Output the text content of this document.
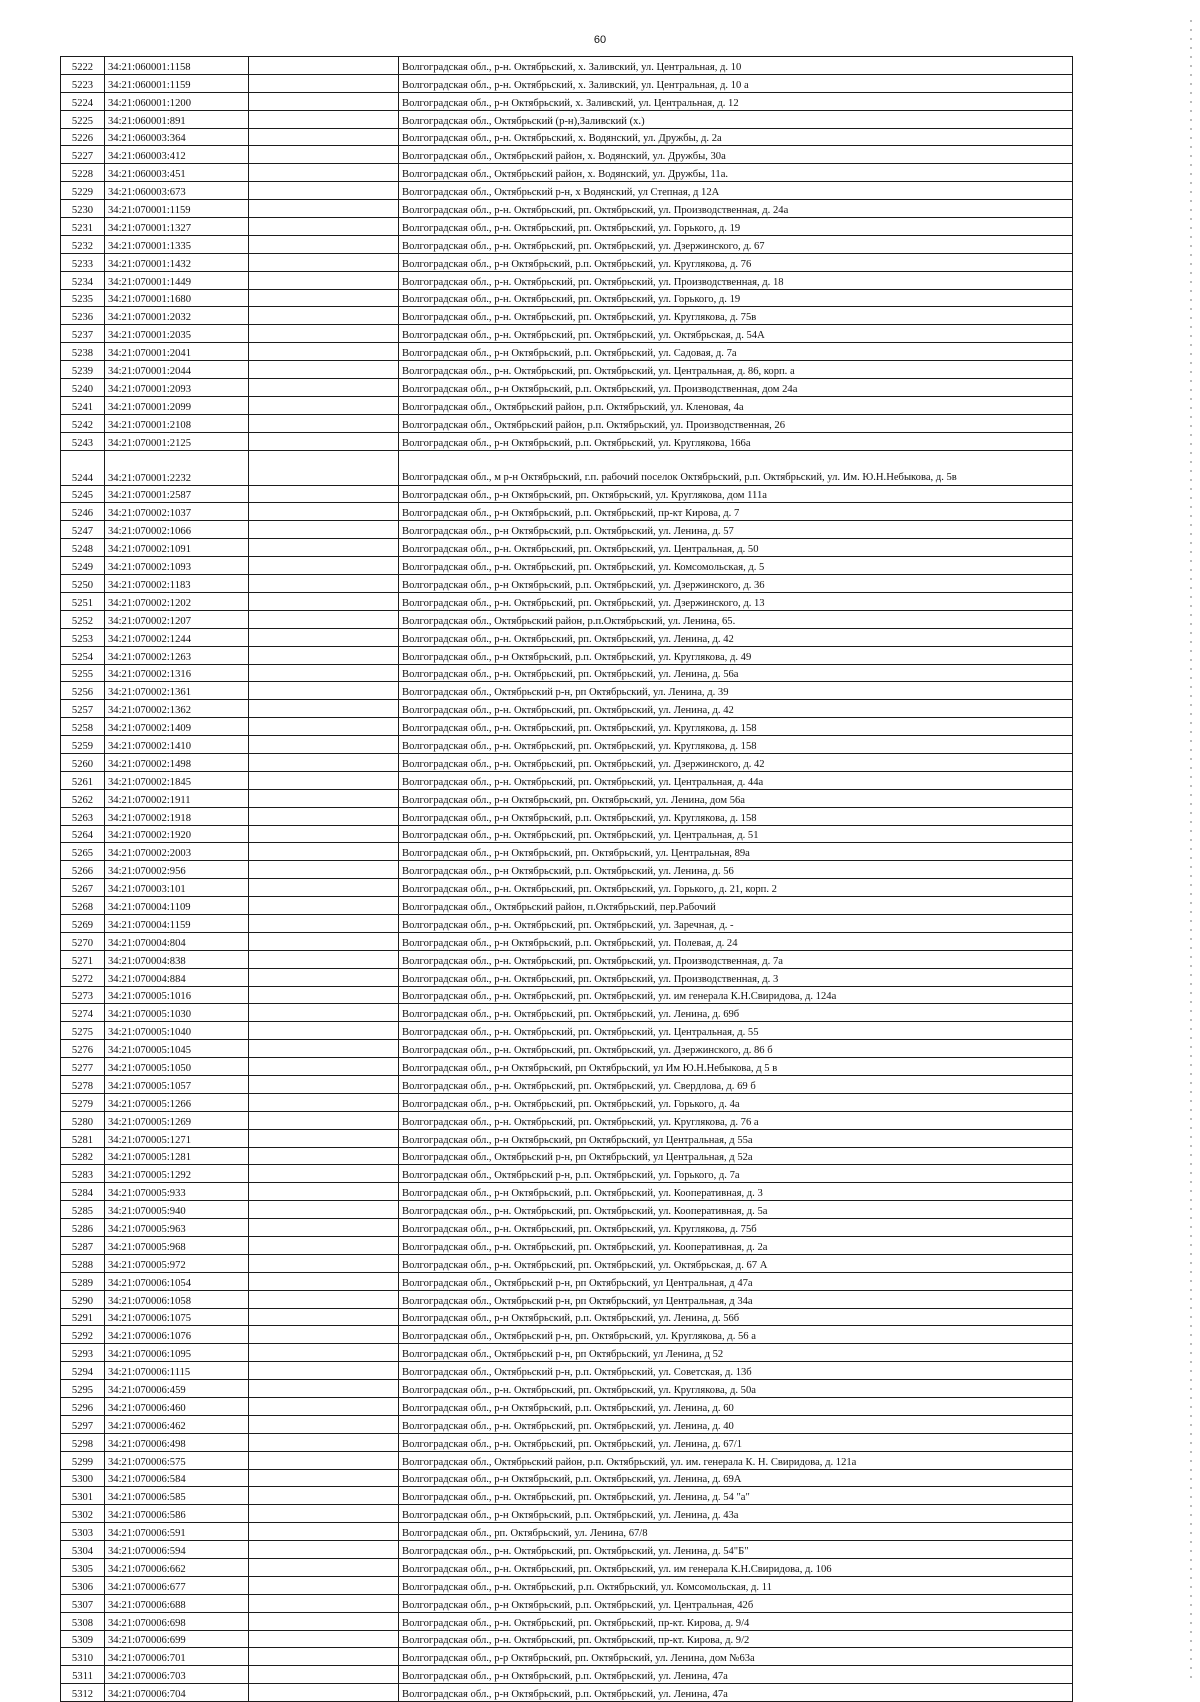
60
5222	34:21:060001:1158		Волгоградская обл., р-н. Октябрьский, х. Заливский, ул. Центральная, д. 10
5223	34:21:060001:1159		Волгоградская обл., р-н. Октябрьский, х. Заливский, ул. Центральная, д. 10 а
5224	34:21:060001:1200		Волгоградская обл., р-н Октябрьский, х. Заливский, ул. Центральная, д. 12
5225	34:21:060001:891		Волгоградская обл., Октябрьский (р-н),Заливский (х.)
5226	34:21:060003:364		Волгоградская обл., р-н. Октябрьский, х. Водянский, ул. Дружбы, д. 2а
5227	34:21:060003:412		Волгоградская обл., Октябрьский район, х. Водянский, ул. Дружбы, 30а
5228	34:21:060003:451		Волгоградская обл., Октябрьский район, х. Водянский, ул. Дружбы, 11а.
5229	34:21:060003:673		Волгоградская обл., Октябрьский р-н, х Водянский, ул Степная, д 12А
5230	34:21:070001:1159		Волгоградская обл., р-н. Октябрьский, рп. Октябрьский, ул. Производственная, д. 24а
5231	34:21:070001:1327		Волгоградская обл., р-н. Октябрьский, рп. Октябрьский, ул. Горького, д. 19
5232	34:21:070001:1335		Волгоградская обл., р-н. Октябрьский, рп. Октябрьский, ул. Дзержинского, д. 67
5233	34:21:070001:1432		Волгоградская обл., р-н Октябрьский, р.п. Октябрьский, ул. Круглякова, д. 76
5234	34:21:070001:1449		Волгоградская обл., р-н. Октябрьский, рп. Октябрьский, ул. Производственная, д. 18
5235	34:21:070001:1680		Волгоградская обл., р-н. Октябрьский, рп. Октябрьский, ул. Горького, д. 19
5236	34:21:070001:2032		Волгоградская обл., р-н. Октябрьский, рп. Октябрьский, ул. Круглякова, д. 75в
5237	34:21:070001:2035		Волгоградская обл., р-н. Октябрьский, рп. Октябрьский, ул. Октябрьская, д. 54А
5238	34:21:070001:2041		Волгоградская обл., р-н Октябрьский, р.п. Октябрьский, ул. Садовая, д. 7а
5239	34:21:070001:2044		Волгоградская обл., р-н. Октябрьский, рп. Октябрьский, ул. Центральная, д. 86, корп. а
5240	34:21:070001:2093		Волгоградская обл., р-н Октябрьский, р.п. Октябрьский, ул. Производственная, дом 24а
5241	34:21:070001:2099		Волгоградская обл., Октябрьский район, р.п. Октябрьский, ул. Кленовая, 4а
5242	34:21:070001:2108		Волгоградская обл., Октябрьский район, р.п. Октябрьский, ул. Производственная, 26
5243	34:21:070001:2125		Волгоградская обл., р-н Октябрьский, р.п. Октябрьский, ул. Круглякова, 166а
5244	34:21:070001:2232		Волгоградская обл., м р-н Октябрьский, г.п. рабочий поселок Октябрьский, р.п. Октябрьский, ул. Им. Ю.Н.Небыкова, д. 5в
5245	34:21:070001:2587		Волгоградская обл., р-н Октябрьский, рп. Октябрьский, ул. Круглякова, дом 111а
5246	34:21:070002:1037		Волгоградская обл., р-н Октябрьский, р.п. Октябрьский, пр-кт Кирова, д. 7
5247	34:21:070002:1066		Волгоградская обл., р-н Октябрьский, р.п. Октябрьский, ул. Ленина, д. 57
5248	34:21:070002:1091		Волгоградская обл., р-н. Октябрьский, рп. Октябрьский, ул. Центральная, д. 50
5249	34:21:070002:1093		Волгоградская обл., р-н. Октябрьский, рп. Октябрьский, ул. Комсомольская, д. 5
5250	34:21:070002:1183		Волгоградская обл., р-н Октябрьский, р.п. Октябрьский, ул. Дзержинского, д. 36
5251	34:21:070002:1202		Волгоградская обл., р-н. Октябрьский, рп. Октябрьский, ул. Дзержинского, д. 13
5252	34:21:070002:1207		Волгоградская обл., Октябрьский район, р.п.Октябрьский, ул. Ленина, 65.
5253	34:21:070002:1244		Волгоградская обл., р-н. Октябрьский, рп. Октябрьский, ул. Ленина, д. 42
5254	34:21:070002:1263		Волгоградская обл., р-н Октябрьский, р.п. Октябрьский, ул. Круглякова, д. 49
5255	34:21:070002:1316		Волгоградская обл., р-н. Октябрьский, рп. Октябрьский, ул. Ленина, д. 56а
5256	34:21:070002:1361		Волгоградская обл., Октябрьский р-н, рп Октябрьский, ул. Ленина, д. 39
5257	34:21:070002:1362		Волгоградская обл., р-н. Октябрьский, рп. Октябрьский, ул. Ленина, д. 42
5258	34:21:070002:1409		Волгоградская обл., р-н. Октябрьский, рп. Октябрьский, ул. Круглякова, д. 158
5259	34:21:070002:1410		Волгоградская обл., р-н. Октябрьский, рп. Октябрьский, ул. Круглякова, д. 158
5260	34:21:070002:1498		Волгоградская обл., р-н. Октябрьский, рп. Октябрьский, ул. Дзержинского, д. 42
5261	34:21:070002:1845		Волгоградская обл., р-н. Октябрьский, рп. Октябрьский, ул. Центральная, д. 44а
5262	34:21:070002:1911		Волгоградская обл., р-н Октябрьский, рп. Октябрьский, ул. Ленина, дом 56а
5263	34:21:070002:1918		Волгоградская обл., р-н Октябрьский, р.п. Октябрьский, ул. Круглякова, д. 158
5264	34:21:070002:1920		Волгоградская обл., р-н. Октябрьский, рп. Октябрьский, ул. Центральная, д. 51
5265	34:21:070002:2003		Волгоградская обл., р-н Октябрьский, рп. Октябрьский, ул. Центральная, 89а
5266	34:21:070002:956		Волгоградская обл., р-н Октябрьский, р.п. Октябрьский, ул. Ленина, д. 56
5267	34:21:070003:101		Волгоградская обл., р-н. Октябрьский, рп. Октябрьский, ул. Горького, д. 21, корп. 2
5268	34:21:070004:1109		Волгоградская обл., Октябрьский район, п.Октябрьский, пер.Рабочий
5269	34:21:070004:1159		Волгоградская обл., р-н. Октябрьский, рп. Октябрьский, ул. Заречная, д. -
5270	34:21:070004:804		Волгоградская обл., р-н Октябрьский, р.п. Октябрьский, ул. Полевая, д. 24
5271	34:21:070004:838		Волгоградская обл., р-н. Октябрьский, рп. Октябрьский, ул. Производственная, д. 7а
5272	34:21:070004:884		Волгоградская обл., р-н. Октябрьский, рп. Октябрьский, ул. Производственная, д. 3
5273	34:21:070005:1016		Волгоградская обл., р-н. Октябрьский, рп. Октябрьский, ул. им генерала К.Н.Свиридова, д. 124а
5274	34:21:070005:1030		Волгоградская обл., р-н. Октябрьский, рп. Октябрьский, ул. Ленина, д. 69б
5275	34:21:070005:1040		Волгоградская обл., р-н. Октябрьский, рп. Октябрьский, ул. Центральная, д. 55
5276	34:21:070005:1045		Волгоградская обл., р-н. Октябрьский, рп. Октябрьский, ул. Дзержинского, д. 86 б
5277	34:21:070005:1050		Волгоградская обл., р-н Октябрьский, рп Октябрьский, ул Им Ю.Н.Небыкова, д 5 в
5278	34:21:070005:1057		Волгоградская обл., р-н. Октябрьский, рп. Октябрьский, ул. Свердлова, д. 69 б
5279	34:21:070005:1266		Волгоградская обл., р-н. Октябрьский, рп. Октябрьский, ул. Горького, д. 4а
5280	34:21:070005:1269		Волгоградская обл., р-н. Октябрьский, рп. Октябрьский, ул. Круглякова, д. 76 а
5281	34:21:070005:1271		Волгоградская обл., р-н Октябрьский, рп Октябрьский, ул Центральная, д 55а
5282	34:21:070005:1281		Волгоградская обл., Октябрьский р-н, рп Октябрьский, ул Центральная, д 52а
5283	34:21:070005:1292		Волгоградская обл., Октябрьский р-н, р.п. Октябрьский, ул. Горького, д. 7а
5284	34:21:070005:933		Волгоградская обл., р-н Октябрьский, р.п. Октябрьский, ул. Кооперативная, д. 3
5285	34:21:070005:940		Волгоградская обл., р-н. Октябрьский, рп. Октябрьский, ул. Кооперативная, д. 5а
5286	34:21:070005:963		Волгоградская обл., р-н. Октябрьский, рп. Октябрьский, ул. Круглякова, д. 75б
5287	34:21:070005:968		Волгоградская обл., р-н. Октябрьский, рп. Октябрьский, ул. Кооперативная, д. 2а
5288	34:21:070005:972		Волгоградская обл., р-н. Октябрьский, рп. Октябрьский, ул. Октябрьская, д. 67 А
5289	34:21:070006:1054		Волгоградская обл., Октябрьский р-н, рп Октябрьский, ул Центральная, д 47а
5290	34:21:070006:1058		Волгоградская обл., Октябрьский р-н, рп Октябрьский, ул Центральная, д 34а
5291	34:21:070006:1075		Волгоградская обл., р-н Октябрьский, р.п. Октябрьский, ул. Ленина, д. 56б
5292	34:21:070006:1076		Волгоградская обл., Октябрьский р-н, рп. Октябрьский, ул. Круглякова, д. 56 а
5293	34:21:070006:1095		Волгоградская обл., Октябрьский р-н, рп Октябрьский, ул Ленина, д 52
5294	34:21:070006:1115		Волгоградская обл., Октябрьский р-н, р.п. Октябрьский, ул. Советская, д. 13б
5295	34:21:070006:459		Волгоградская обл., р-н. Октябрьский, рп. Октябрьский, ул. Круглякова, д. 50а
5296	34:21:070006:460		Волгоградская обл., р-н Октябрьский, р.п. Октябрьский, ул. Ленина, д. 60
5297	34:21:070006:462		Волгоградская обл., р-н. Октябрьский, рп. Октябрьский, ул. Ленина, д. 40
5298	34:21:070006:498		Волгоградская обл., р-н. Октябрьский, рп. Октябрьский, ул. Ленина, д. 67/1
5299	34:21:070006:575		Волгоградская обл., Октябрьский район, р.п. Октябрьский, ул. им. генерала К. Н. Свиридова, д. 121а
5300	34:21:070006:584		Волгоградская обл., р-н Октябрьский, р.п. Октябрьский, ул. Ленина, д. 69А
5301	34:21:070006:585		Волгоградская обл., р-н. Октябрьский, рп. Октябрьский, ул. Ленина, д. 54 "а"
5302	34:21:070006:586		Волгоградская обл., р-н Октябрьский, р.п. Октябрьский, ул. Ленина, д. 43а
5303	34:21:070006:591		Волгоградская обл., рп. Октябрьский, ул. Ленина, 67/8
5304	34:21:070006:594		Волгоградская обл., р-н. Октябрьский, рп. Октябрьский, ул. Ленина, д. 54"Б"
5305	34:21:070006:662		Волгоградская обл., р-н. Октябрьский, рп. Октябрьский, ул. им генерала К.Н.Свиридова, д. 106
5306	34:21:070006:677		Волгоградская обл., р-н. Октябрьский, р.п. Октябрьский, ул. Комсомольская, д. 11
5307	34:21:070006:688		Волгоградская обл., р-н Октябрьский, р.п. Октябрьский, ул. Центральная, 42б
5308	34:21:070006:698		Волгоградская обл., р-н. Октябрьский, рп. Октябрьский, пр-кт. Кирова, д. 9/4
5309	34:21:070006:699		Волгоградская обл., р-н. Октябрьский, рп. Октябрьский, пр-кт. Кирова, д. 9/2
5310	34:21:070006:701		Волгоградская обл., р-р Октябрьский, рп. Октябрьский, ул. Ленина, дом №63а
5311	34:21:070006:703		Волгоградская обл., р-н Октябрьский, р.п. Октябрьский, ул. Ленина, 47а
5312	34:21:070006:704		Волгоградская обл., р-н Октябрьский, р.п. Октябрьский, ул. Ленина, 47а
